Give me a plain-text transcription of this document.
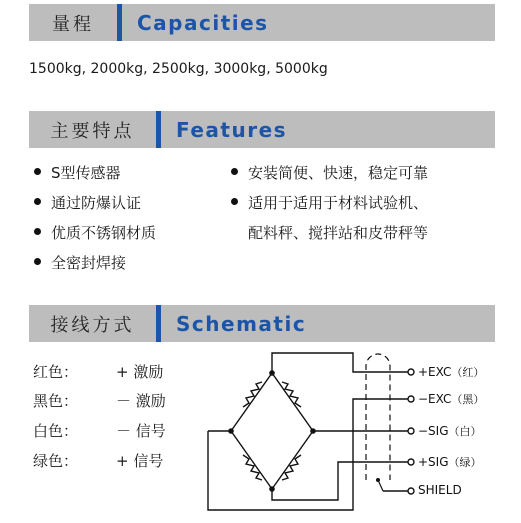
量程	Capacities
1500kg, 2000kg, 2500kg, 3000kg, 5000kg
主要特点	Features
S型传感器
通过防爆认证
优质不锈钢材质
全密封焊接
安装简便、快速，稳定可靠
适用于适用于材料试验机、
配料秤、搅拌站和皮带秤等
接线方式	Schematic
红色：	+ 激励
黑色：	－ 激励
白色：	－ 信号
绿色：	+ 信号
+EXC（红）
−EXC（黑）
−SIG（白）
+SIG（绿）
SHIELD
